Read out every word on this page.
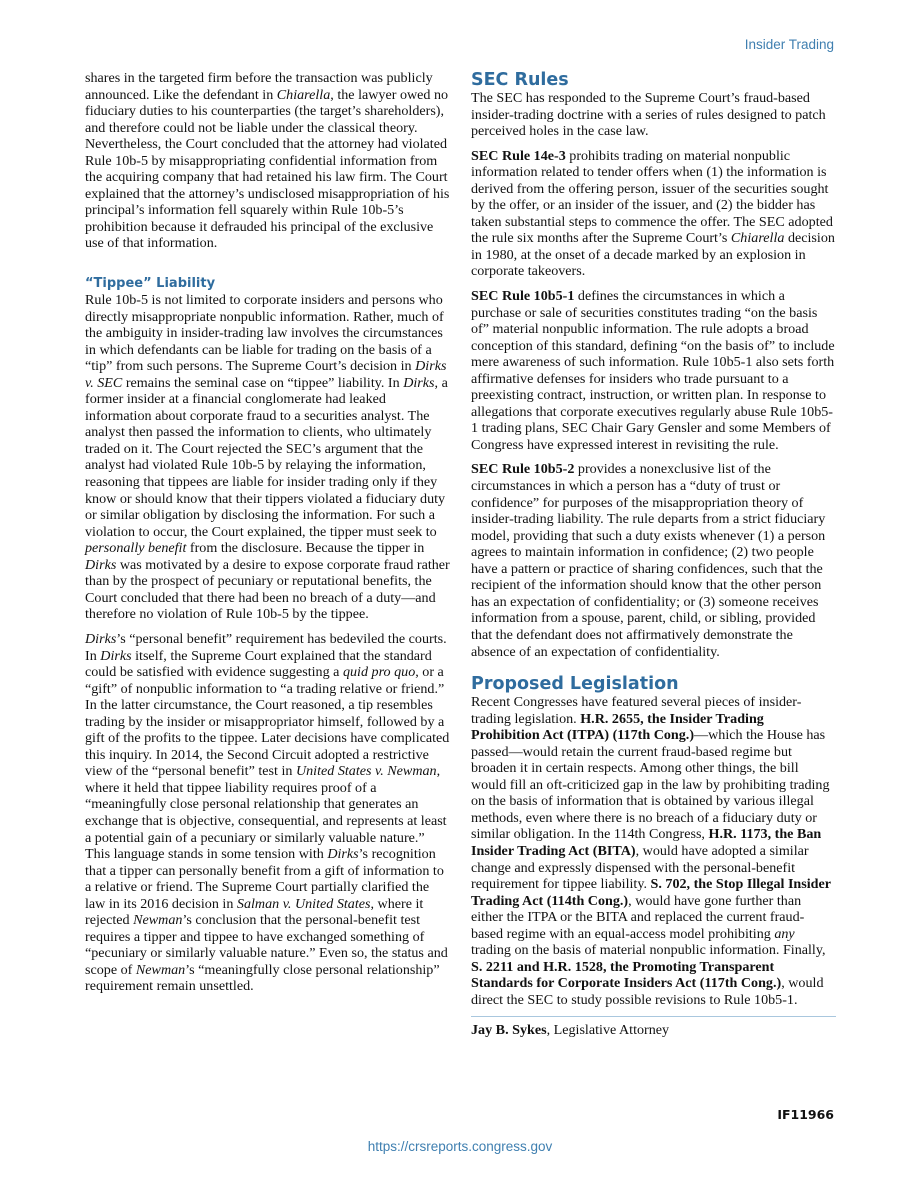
Insider Trading

shares in the targeted firm before the transaction was publicly announced. Like the defendant in Chiarella, the lawyer owed no fiduciary duties to his counterparties (the target’s shareholders), and therefore could not be liable under the classical theory. Nevertheless, the Court concluded that the attorney had violated Rule 10b-5 by misappropriating confidential information from the acquiring company that had retained his law firm. The Court explained that the attorney’s undisclosed misappropriation of his principal’s information fell squarely within Rule 10b-5’s prohibition because it defrauded his principal of the exclusive use of that information.

“Tippee” Liability

Rule 10b-5 is not limited to corporate insiders and persons who directly misappropriate nonpublic information. Rather, much of the ambiguity in insider-trading law involves the circumstances in which defendants can be liable for trading on the basis of a “tip” from such persons. The Supreme Court’s decision in Dirks v. SEC remains the seminal case on “tippee” liability. In Dirks, a former insider at a financial conglomerate had leaked information about corporate fraud to a securities analyst. The analyst then passed the information to clients, who ultimately traded on it. The Court rejected the SEC’s argument that the analyst had violated Rule 10b-5 by relaying the information, reasoning that tippees are liable for insider trading only if they know or should know that their tippers violated a fiduciary duty or similar obligation by disclosing the information. For such a violation to occur, the Court explained, the tipper must seek to personally benefit from the disclosure. Because the tipper in Dirks was motivated by a desire to expose corporate fraud rather than by the prospect of pecuniary or reputational benefits, the Court concluded that there had been no breach of a duty—and therefore no violation of Rule 10b-5 by the tippee.

Dirks’s “personal benefit” requirement has bedeviled the courts. In Dirks itself, the Supreme Court explained that the standard could be satisfied with evidence suggesting a quid pro quo, or a “gift” of nonpublic information to “a trading relative or friend.” In the latter circumstance, the Court reasoned, a tip resembles trading by the insider or misappropriator himself, followed by a gift of the profits to the tippee. Later decisions have complicated this inquiry. In 2014, the Second Circuit adopted a restrictive view of the “personal benefit” test in United States v. Newman, where it held that tippee liability requires proof of a “meaningfully close personal relationship that generates an exchange that is objective, consequential, and represents at least a potential gain of a pecuniary or similarly valuable nature.” This language stands in some tension with Dirks’s recognition that a tipper can personally benefit from a gift of information to a relative or friend. The Supreme Court partially clarified the law in its 2016 decision in Salman v. United States, where it rejected Newman’s conclusion that the personal-benefit test requires a tipper and tippee to have exchanged something of “pecuniary or similarly valuable nature.” Even so, the status and scope of Newman’s “meaningfully close personal relationship” requirement remain unsettled.

SEC Rules

The SEC has responded to the Supreme Court’s fraud-based insider-trading doctrine with a series of rules designed to patch perceived holes in the case law.

SEC Rule 14e-3 prohibits trading on material nonpublic information related to tender offers when (1) the information is derived from the offering person, issuer of the securities sought by the offer, or an insider of the issuer, and (2) the bidder has taken substantial steps to commence the offer. The SEC adopted the rule six months after the Supreme Court’s Chiarella decision in 1980, at the onset of a decade marked by an explosion in corporate takeovers.

SEC Rule 10b5-1 defines the circumstances in which a purchase or sale of securities constitutes trading “on the basis of” material nonpublic information. The rule adopts a broad conception of this standard, defining “on the basis of” to include mere awareness of such information. Rule 10b5-1 also sets forth affirmative defenses for insiders who trade pursuant to a preexisting contract, instruction, or written plan. In response to allegations that corporate executives regularly abuse Rule 10b5-1 trading plans, SEC Chair Gary Gensler and some Members of Congress have expressed interest in revisiting the rule.

SEC Rule 10b5-2 provides a nonexclusive list of the circumstances in which a person has a “duty of trust or confidence” for purposes of the misappropriation theory of insider-trading liability. The rule departs from a strict fiduciary model, providing that such a duty exists whenever (1) a person agrees to maintain information in confidence; (2) two people have a pattern or practice of sharing confidences, such that the recipient of the information should know that the other person has an expectation of confidentiality; or (3) someone receives information from a spouse, parent, child, or sibling, provided that the defendant does not affirmatively demonstrate the absence of an expectation of confidentiality.

Proposed Legislation

Recent Congresses have featured several pieces of insider-trading legislation. H.R. 2655, the Insider Trading Prohibition Act (ITPA) (117th Cong.)—which the House has passed—would retain the current fraud-based regime but broaden it in certain respects. Among other things, the bill would fill an oft-criticized gap in the law by prohibiting trading on the basis of information that is obtained by various illegal methods, even where there is no breach of a fiduciary duty or similar obligation. In the 114th Congress, H.R. 1173, the Ban Insider Trading Act (BITA), would have adopted a similar change and expressly dispensed with the personal-benefit requirement for tippee liability. S. 702, the Stop Illegal Insider Trading Act (114th Cong.), would have gone further than either the ITPA or the BITA and replaced the current fraud-based regime with an equal-access model prohibiting any trading on the basis of material nonpublic information. Finally, S. 2211 and H.R. 1528, the Promoting Transparent Standards for Corporate Insiders Act (117th Cong.), would direct the SEC to study possible revisions to Rule 10b5-1.

Jay B. Sykes, Legislative Attorney

IF11966
https://crsreports.congress.gov
